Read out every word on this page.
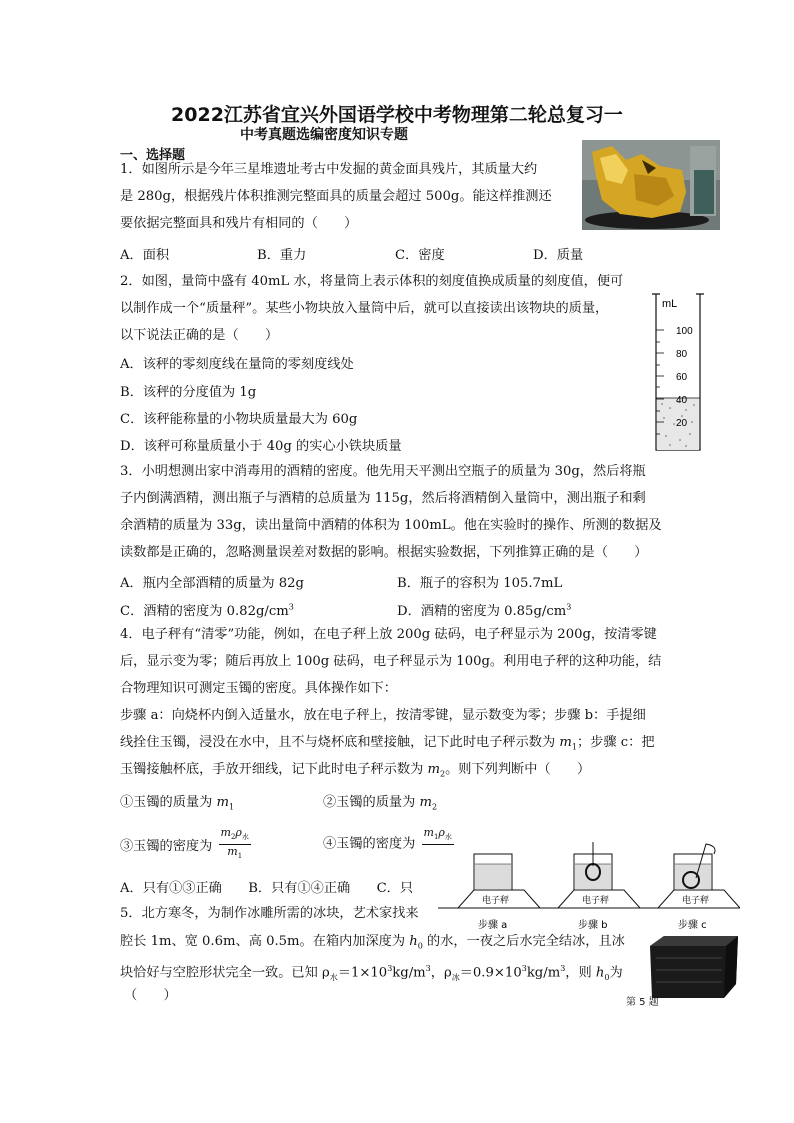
2022江苏省宜兴外国语学校中考物理第二轮总复习一
中考真题选编密度知识专题
一、选择题
1．如图所示是今年三星堆遗址考古中发掘的黄金面具残片，其质量大约
是 280g，根据残片体积推测完整面具的质量会超过 500g。能这样推测还
要依据完整面具和残片有相同的（　　）
A．面积	B．重力	C．密度	D．质量
2．如图，量筒中盛有 40mL 水，将量筒上表示体积的刻度值换成质量的刻度值，便可
以制作成一个“质量秤”。某些小物块放入量筒中后，就可以直接读出该物块的质量，
以下说法正确的是（　　）
A．该秤的零刻度线在量筒的零刻度线处
B．该秤的分度值为 1g
C．该秤能称量的小物块质量最大为 60g
D．该秤可称量质量小于 40g 的实心小铁块质量
mL
100
80
60
40
20
3．小明想测出家中消毒用的酒精的密度。他先用天平测出空瓶子的质量为 30g，然后将瓶
子内倒满酒精，测出瓶子与酒精的总质量为 115g，然后将酒精倒入量筒中，测出瓶子和剩
余酒精的质量为 33g，读出量筒中酒精的体积为 100mL。他在实验时的操作、所测的数据及
读数都是正确的，忽略测量误差对数据的影响。根据实验数据，下列推算正确的是（　　）
A．瓶内全部酒精的质量为 82g	B．瓶子的容积为 105.7mL
C．酒精的密度为 $0.82g/cm^3$	D．酒精的密度为 $0.85g/cm^3$
4．电子秤有“清零”功能，例如，在电子秤上放 200g 砝码，电子秤显示为 200g，按清零键
后，显示变为零；随后再放上 100g 砝码，电子秤显示为 100g。利用电子秤的这种功能，结
合物理知识可测定玉镯的密度。具体操作如下：
步骤 a：向烧杯内倒入适量水，放在电子秤上，按清零键，显示数变为零；步骤 b：手提细
线拴住玉镯，浸没在水中，且不与烧杯底和壁接触，记下此时电子秤示数为 $m_1$；步骤 c：把
玉镯接触杯底，手放开细线，记下此时电子秤示数为 $m_2$。则下列判断中（　　）
①玉镯的质量为 $m_1$	②玉镯的质量为 $m_2$
③玉镯的密度为 $\frac{m_2\rho_水}{m_1}$	④玉镯的密度为
$m_1\rho_水$
A．只有①③正确　　B．只有①④正确　　C．只
电子秤	电子秤	电子秤
步骤 a	步骤 b	步骤 c
5．北方寒冬，为制作冰雕所需的冰块，艺术家找来
腔长 1m、宽 0.6m、高 0.5m。在箱内加深度为 $h_0$ 的水，一夜之后水完全结冰，且冰
块恰好与空腔形状完全一致。已知 $\rho_水=1\times 10^3kg/m^3$，$\rho_冰=0.9\times 10^3kg/m^3$，则 $h_0$为
（　　）	第 5 题
